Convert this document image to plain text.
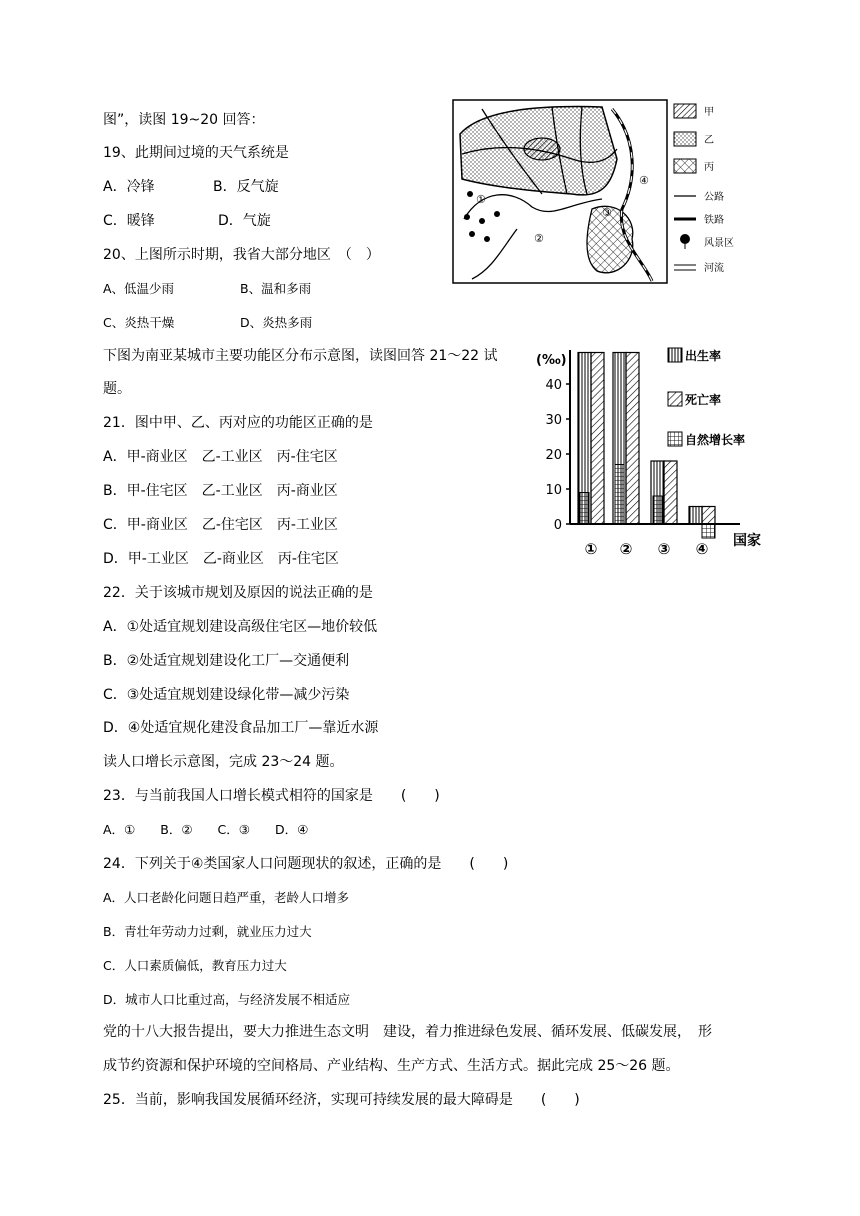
图”，读图 19~20 回答：
19、此期间过境的天气系统是
A．冷锋	B．反气旋
C．暖锋	D．气旋
20、上图所示时期，我省大部分地区　（　）
A、低温少雨	B、温和多雨
C、炎热干燥	D、炎热多雨
下图为南亚某城市主要功能区分布示意图，读图回答 21～22 试
题。
21．图中甲、乙、丙对应的功能区正确的是
A．甲-商业区　乙-工业区　丙-住宅区
B．甲-住宅区　乙-工业区　丙-商业区
C．甲-商业区　乙-住宅区　丙-工业区
D．甲-工业区　乙-商业区　丙-住宅区
22．关于该城市规划及原因的说法正确的是
A．①处适宜规划建设高级住宅区—地价较低
B．②处适宜规划建设化工厂—交通便利
C．③处适宜规划建设绿化带—减少污染
D．④处适宜规化建没食品加工厂—靠近水源
读人口增长示意图，完成 23～24 题。
23．与当前我国人口增长模式相符的国家是　　(　　)
A．①　　B．②　　C．③　　D．④
24．下列关于④类国家人口问题现状的叙述，正确的是　　(　　)
A．人口老龄化问题日趋严重，老龄人口增多
B．青壮年劳动力过剩，就业压力过大
C．人口素质偏低，教育压力过大
D．城市人口比重过高，与经济发展不相适应
党的十八大报告提出，要大力推进生态文明　建设，着力推进绿色发展、循环发展、低碳发展，　形
成节约资源和保护环境的空间格局、产业结构、生产方式、生活方式。据此完成 25～26 题。
25．当前，影响我国发展循环经济，实现可持续发展的最大障碍是　　(　　)
①
②
③
④
甲
乙
丙
公路
铁路
风景区
河流
(‰)
0
10
20
30
40
① ② ③ ④ 国家
出生率
死亡率
自然增长率
